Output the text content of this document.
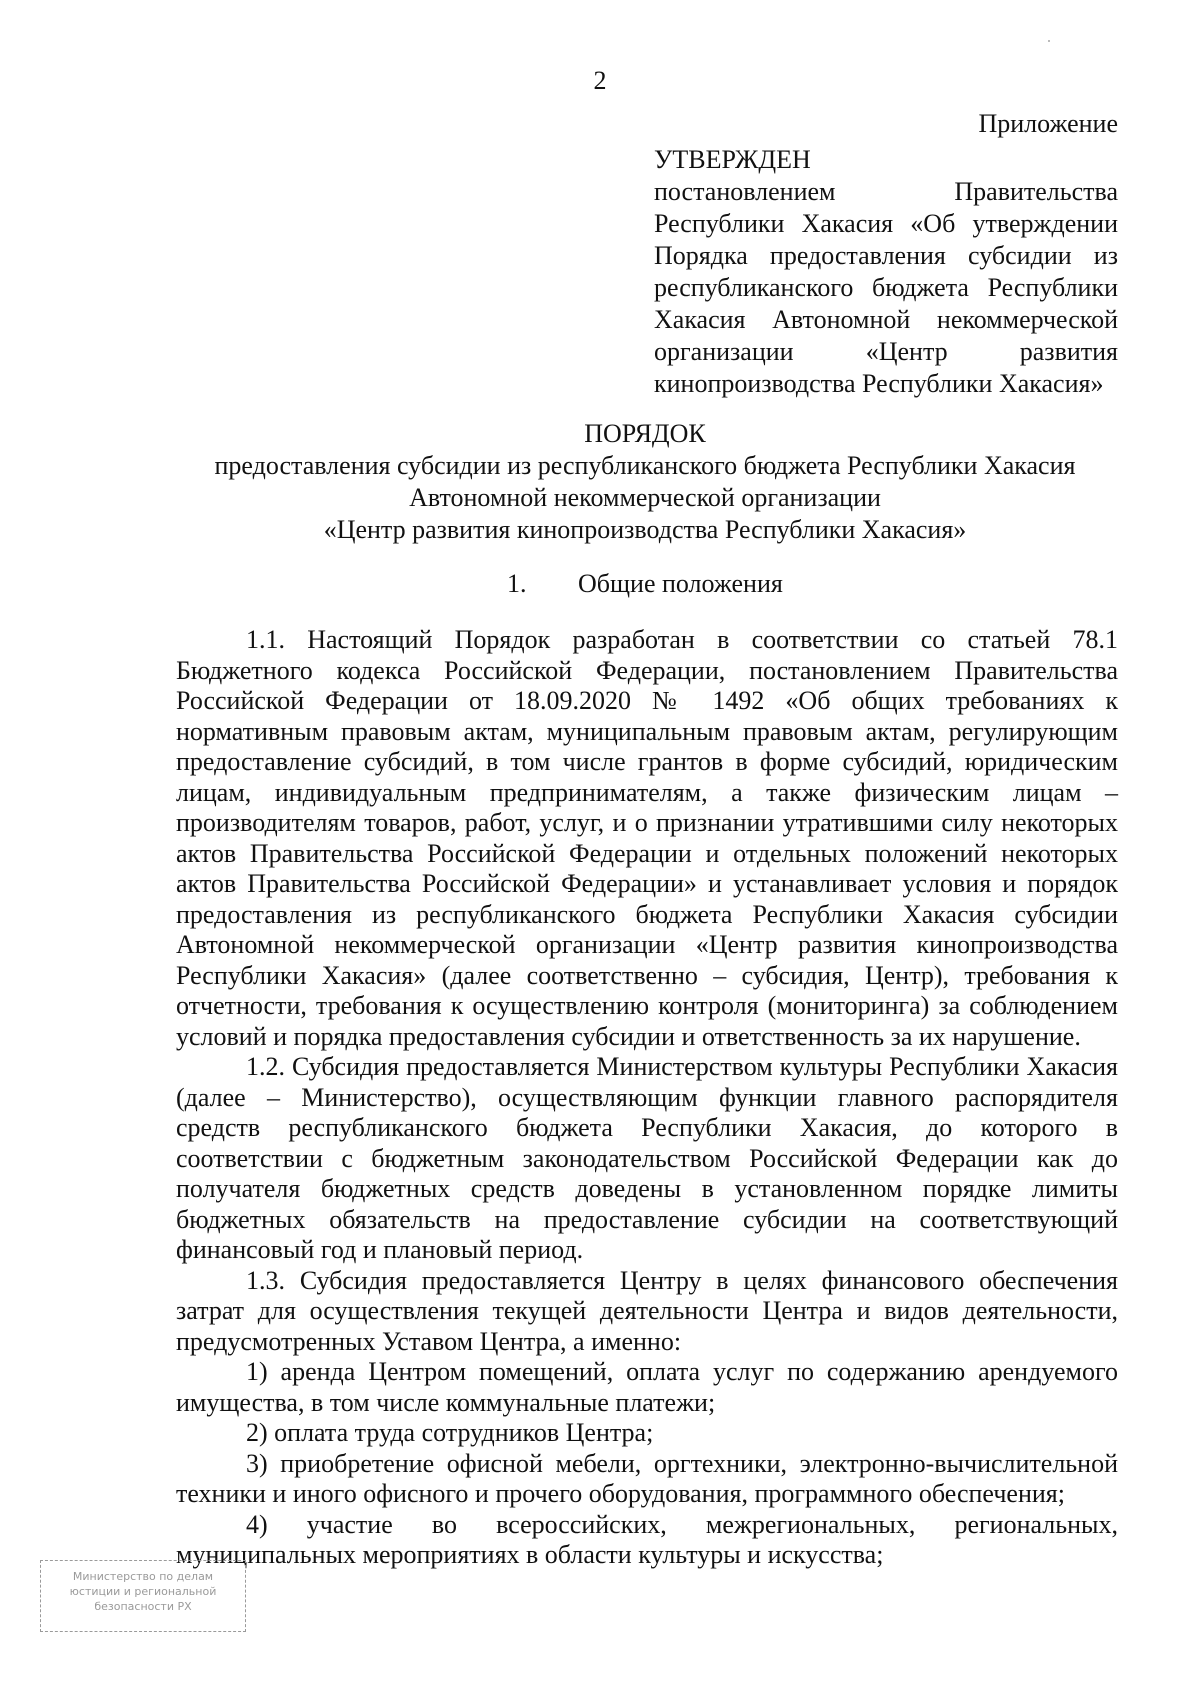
2
Приложение
УТВЕРЖДЕН
постановлением Правительства Республики Хакасия «Об утверждении Порядка предоставления субсидии из республиканского бюджета Республики Хакасия Автономной некоммерческой организации «Центр развития кинопроизводства Республики Хакасия»
ПОРЯДОК
предоставления субсидии из республиканского бюджета Республики Хакасия
Автономной некоммерческой организации
«Центр развития кинопроизводства Республики Хакасия»
1. Общие положения

1.1. Настоящий Порядок разработан в соответствии со статьей 78.1 Бюджетного кодекса Российской Федерации, постановлением Правительства Российской Федерации от 18.09.2020 № 1492 «Об общих требованиях к нормативным правовым актам, муниципальным правовым актам, регулирующим предоставление субсидий, в том числе грантов в форме субсидий, юридическим лицам, индивидуальным предпринимателям, а также физическим лицам – производителям товаров, работ, услуг, и о признании утратившими силу некоторых актов Правительства Российской Федерации и отдельных положений некоторых актов Правительства Российской Федерации» и устанавливает условия и порядок предоставления из республиканского бюджета Республики Хакасия субсидии Автономной некоммерческой организации «Центр развития кинопроизводства Республики Хакасия» (далее соответственно – субсидия, Центр), требования к отчетности, требования к осуществлению контроля (мониторинга) за соблюдением условий и порядка предоставления субсидии и ответственность за их нарушение.

1.2. Субсидия предоставляется Министерством культуры Республики Хакасия (далее – Министерство), осуществляющим функции главного распорядителя средств республиканского бюджета Республики Хакасия, до которого в соответствии с бюджетным законодательством Российской Федерации как до получателя бюджетных средств доведены в установленном порядке лимиты бюджетных обязательств на предоставление субсидии на соответствующий финансовый год и плановый период.

1.3. Субсидия предоставляется Центру в целях финансового обеспечения затрат для осуществления текущей деятельности Центра и видов деятельности, предусмотренных Уставом Центра, а именно:

1) аренда Центром помещений, оплата услуг по содержанию арендуемого имущества, в том числе коммунальные платежи;

2) оплата труда сотрудников Центра;

3) приобретение офисной мебели, оргтехники, электронно-вычислительной техники и иного офисного и прочего оборудования, программного обеспечения;

4) участие во всероссийских, межрегиональных, региональных, муниципальных мероприятиях в области культуры и искусства;

Министерство по делам
юстиции и региональной
безопасности РХ
